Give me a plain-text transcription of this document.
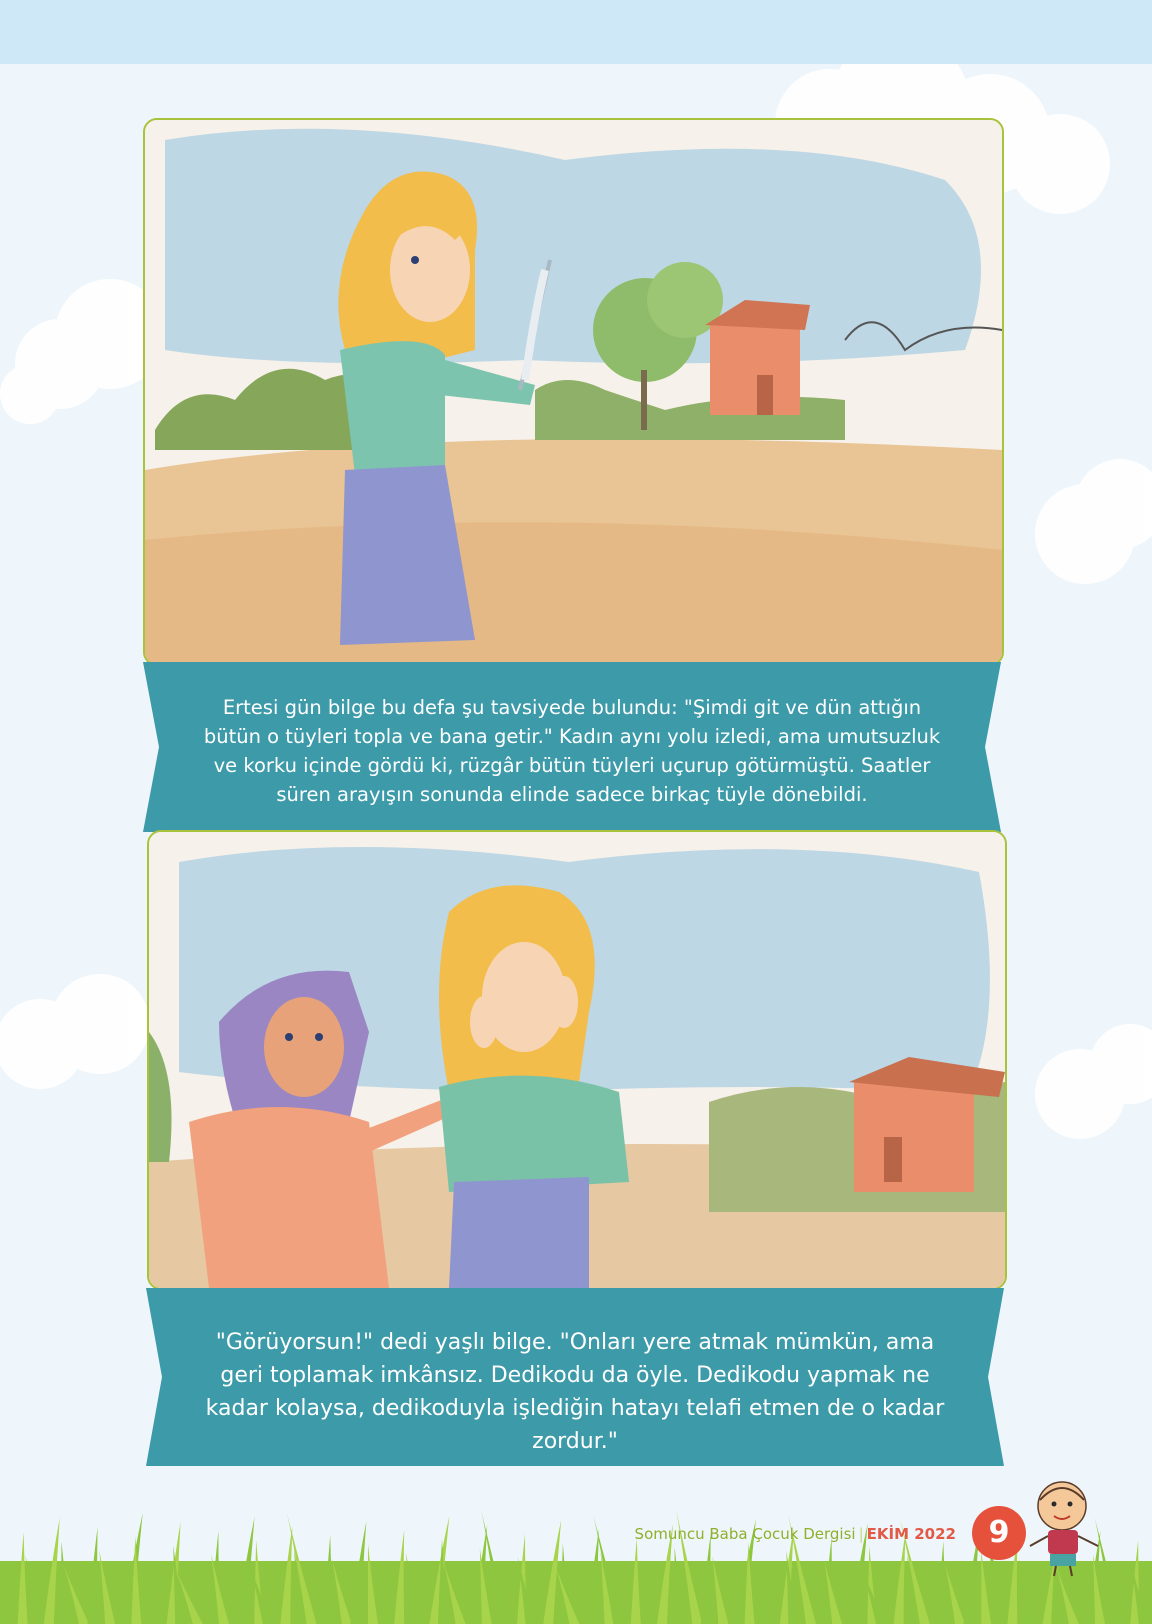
Ertesi gün bilge bu defa şu tavsiyede bulundu: "Şimdi git ve dün attığın bütün o tüyleri topla ve bana getir." Kadın aynı yolu izledi, ama umutsuzluk ve korku içinde gördü ki, rüzgâr bütün tüyleri uçurup götürmüştü. Saatler süren arayışın sonunda elinde sadece birkaç tüyle dönebildi.

"Görüyorsun!" dedi yaşlı bilge. "Onları yere atmak mümkün, ama geri toplamak imkânsız. Dedikodu da öyle. Dedikodu yapmak ne kadar kolaysa, dedikoduyla işlediğin hatayı telafi etmen de o kadar zordur."

Somuncu Baba Çocuk Dergisi | EKİM 2022	9
